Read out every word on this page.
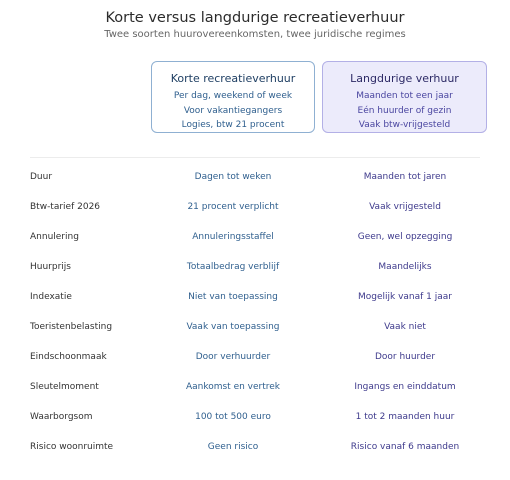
Korte versus langdurige recreatieverhuur
Twee soorten huurovereenkomsten, twee juridische regimes
Korte recreatieverhuur
Per dag, weekend of week
Voor vakantiegangers
Logies, btw 21 procent
Langdurige verhuur
Maanden tot een jaar
Eén huurder of gezin
Vaak btw-vrijgesteld
Duur	Dagen tot weken	Maanden tot jaren
Btw-tarief 2026	21 procent verplicht	Vaak vrijgesteld
Annulering	Annuleringsstaffel	Geen, wel opzegging
Huurprijs	Totaalbedrag verblijf	Maandelijks
Indexatie	Niet van toepassing	Mogelijk vanaf 1 jaar
Toeristenbelasting	Vaak van toepassing	Vaak niet
Eindschoonmaak	Door verhuurder	Door huurder
Sleutelmoment	Aankomst en vertrek	Ingangs en einddatum
Waarborgsom	100 tot 500 euro	1 tot 2 maanden huur
Risico woonruimte	Geen risico	Risico vanaf 6 maanden
